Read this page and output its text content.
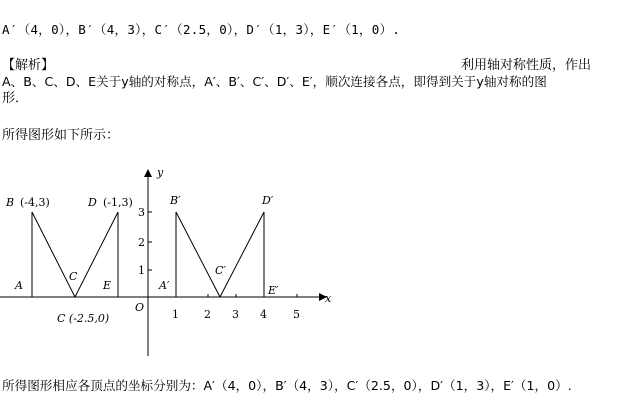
A′（4，0），B′（4，3），C′（2.5，0），D′（1，3），E′（1，0）.
【解析】	利用轴对称性质，作出
A、B、C、D、E关于y轴的对称点，A′、B′、C′、D′、E′，顺次连接各点，即得到关于y轴对称的图
形．
所得图形如下所示：
x
y
O
1 2 3 4 5
1
2
3
B (-4,3)	D (-1,3)
C
A	E
C (-2.5,0)
B′	D′
C′
A′	E′
所得图形相应各顶点的坐标分别为：A′（4，0），B′（4，3），C′（2.5，0），D′（1，3），E′（1，0）.
